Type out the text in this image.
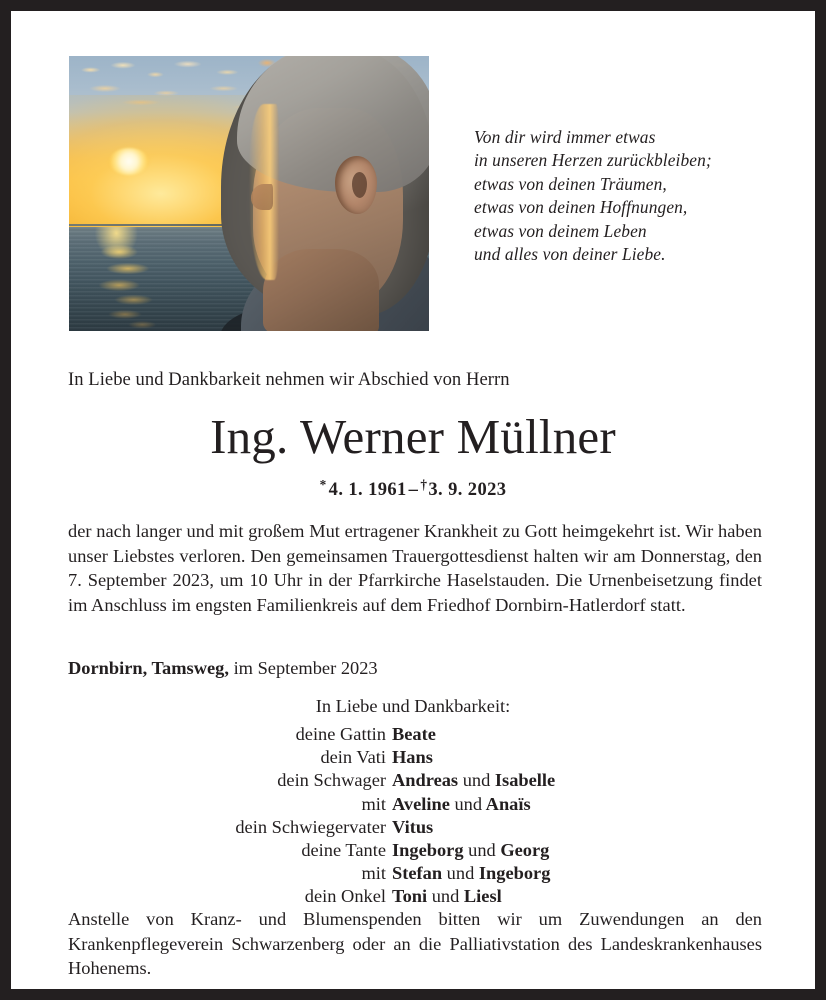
Von dir wird immer etwas
in unseren Herzen zurückbleiben;
etwas von deinen Träumen,
etwas von deinen Hoffnungen,
etwas von deinem Leben
und alles von deiner Liebe.
In Liebe und Dankbarkeit nehmen wir Abschied von Herrn
Ing. Werner Müllner
* 4. 1. 1961 – †3. 9. 2023
der nach langer und mit großem Mut ertragener Krankheit zu Gott heimgekehrt ist. Wir haben unser Liebstes verloren. Den gemeinsamen Trauergottesdienst halten wir am Donnerstag, den 7. September 2023, um 10 Uhr in der Pfarrkirche Haselstauden. Die Urnenbeisetzung findet im Anschluss im engsten Familienkreis auf dem Friedhof Dornbirn-Hatlerdorf statt.
Dornbirn, Tamsweg, im September 2023
In Liebe und Dankbarkeit:
deine Gattin Beate
dein Vati Hans
dein Schwager Andreas und Isabelle
mit Aveline und Anaïs
dein Schwiegervater Vitus
deine Tante Ingeborg und Georg
mit Stefan und Ingeborg
dein Onkel Toni und Liesl
Anstelle von Kranz- und Blumenspenden bitten wir um Zuwendungen an den Krankenpflegeverein Schwarzenberg oder an die Palliativstation des Landeskrankenhauses Hohenems.
